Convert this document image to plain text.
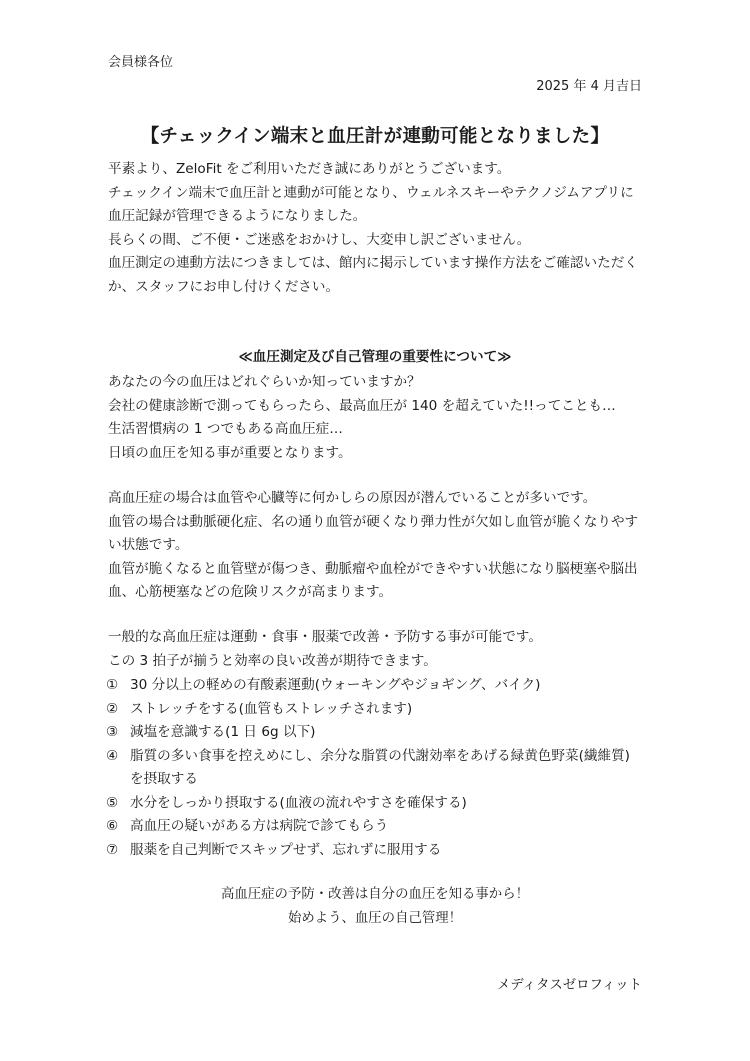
会員様各位
2025 年 4 月吉日
【チェックイン端末と血圧計が連動可能となりました】
平素より、ZeloFit をご利用いただき誠にありがとうございます。
チェックイン端末で血圧計と連動が可能となり、ウェルネスキーやテクノジムアプリに
血圧記録が管理できるようになりました。
長らくの間、ご不便・ご迷惑をおかけし、大変申し訳ございません。
血圧測定の連動方法につきましては、館内に掲示しています操作方法をご確認いただく
か、スタッフにお申し付けください。
≪血圧測定及び自己管理の重要性について≫
あなたの今の血圧はどれぐらいか知っていますか？
会社の健康診断で測ってもらったら、最高血圧が 140 を超えていた!!ってことも…
生活習慣病の 1 つでもある高血圧症…
日頃の血圧を知る事が重要となります。
高血圧症の場合は血管や心臓等に何かしらの原因が潜んでいることが多いです。
血管の場合は動脈硬化症、名の通り血管が硬くなり弾力性が欠如し血管が脆くなりやす
い状態です。
血管が脆くなると血管壁が傷つき、動脈瘤や血栓ができやすい状態になり脳梗塞や脳出
血、心筋梗塞などの危険リスクが高まります。
一般的な高血圧症は運動・食事・服薬で改善・予防する事が可能です。
この 3 拍子が揃うと効率の良い改善が期待できます。
① 30 分以上の軽めの有酸素運動(ウォーキングやジョギング、バイク)
② ストレッチをする(血管もストレッチされます)
③ 減塩を意識する(1 日 6g 以下)
④ 脂質の多い食事を控えめにし、余分な脂質の代謝効率をあげる緑黄色野菜(繊維質)
を摂取する
⑤ 水分をしっかり摂取する(血液の流れやすさを確保する)
⑥ 高血圧の疑いがある方は病院で診てもらう
⑦ 服薬を自己判断でスキップせず、忘れずに服用する
高血圧症の予防・改善は自分の血圧を知る事から！
始めよう、血圧の自己管理！
メディタスゼロフィット
